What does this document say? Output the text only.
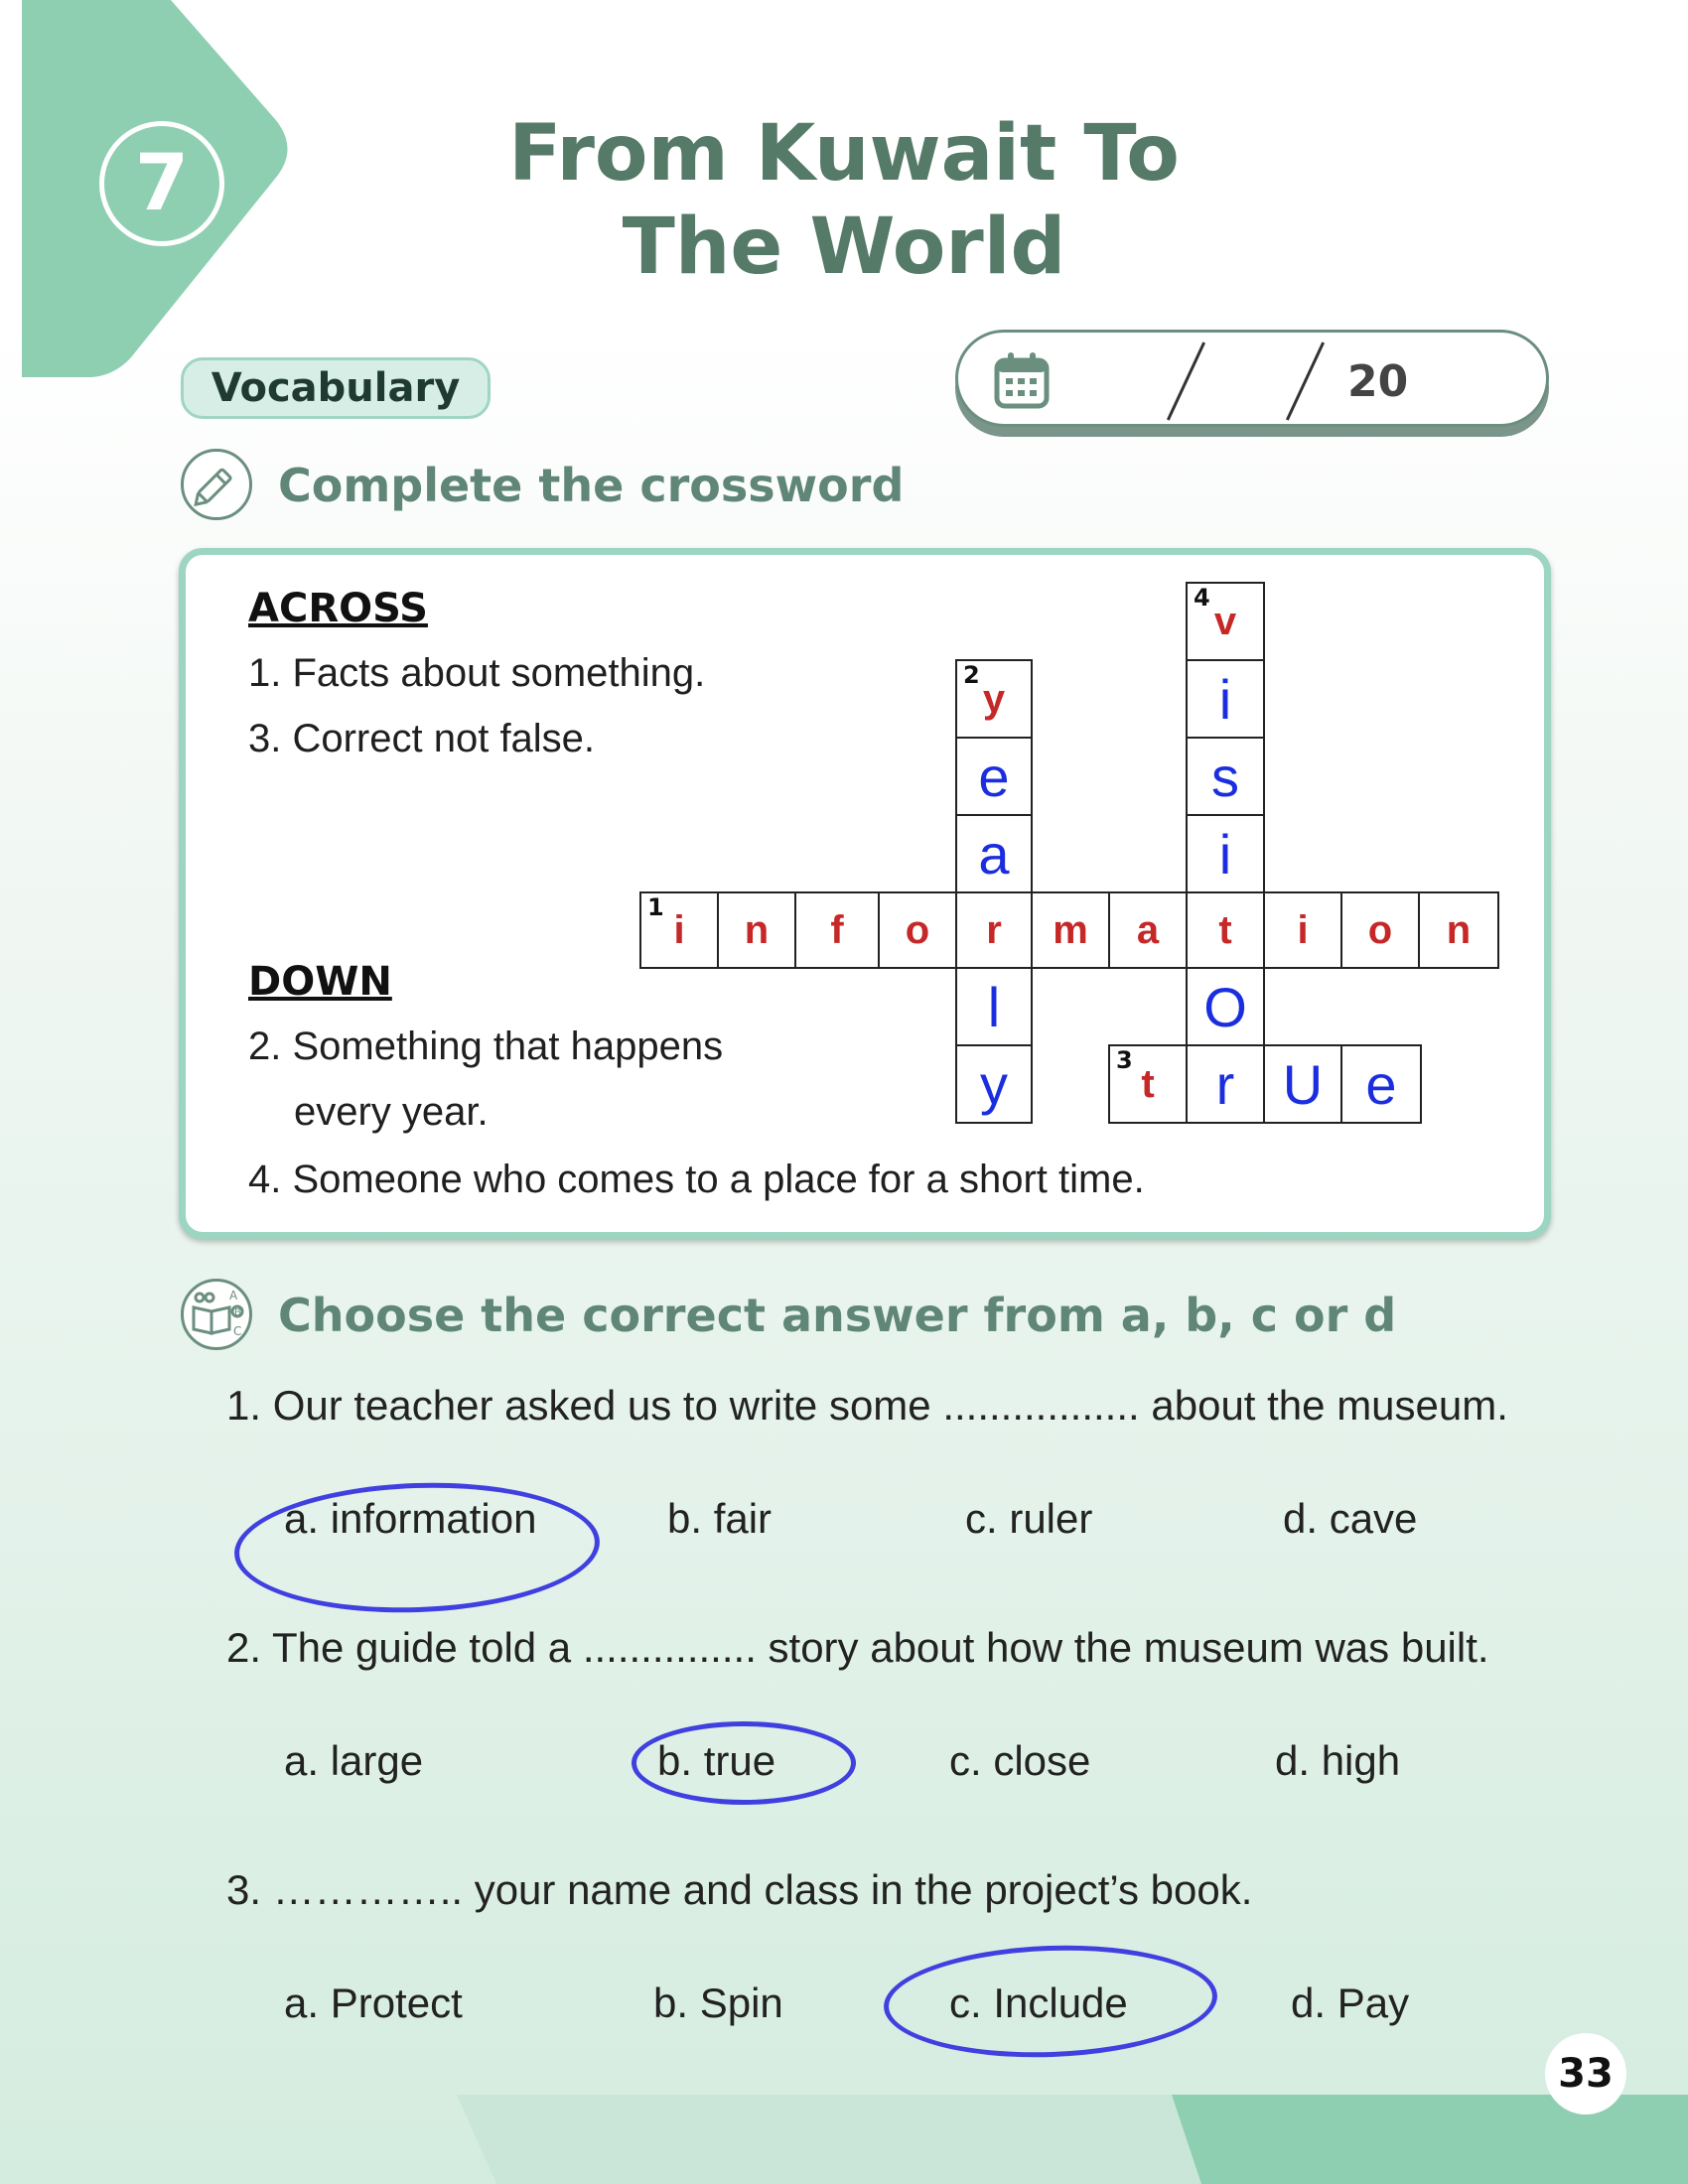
7	From Kuwait To
The World
Vocabulary	20
Complete the crossword
ACROSS
1. Facts about something.
3. Correct not false.
DOWN
2. Something that happens
every year.
4. Someone who comes to a place for a short time.
1
i n f o r m a t i o n
2
y
e
a
l
y
4
v
i
s
i
O
3
t r U e
A
B
C Choose the correct answer from a, b, c or d
1. Our teacher asked us to write some ................. about the museum.
a. information	b. fair	c. ruler	d. cave
2. The guide told a ............... story about how the museum was built.
a. large	b. true	c. close	d. high
3. ………….. your name and class in the project’s book.
a. Protect	b. Spin	c. Include	d. Pay
33
